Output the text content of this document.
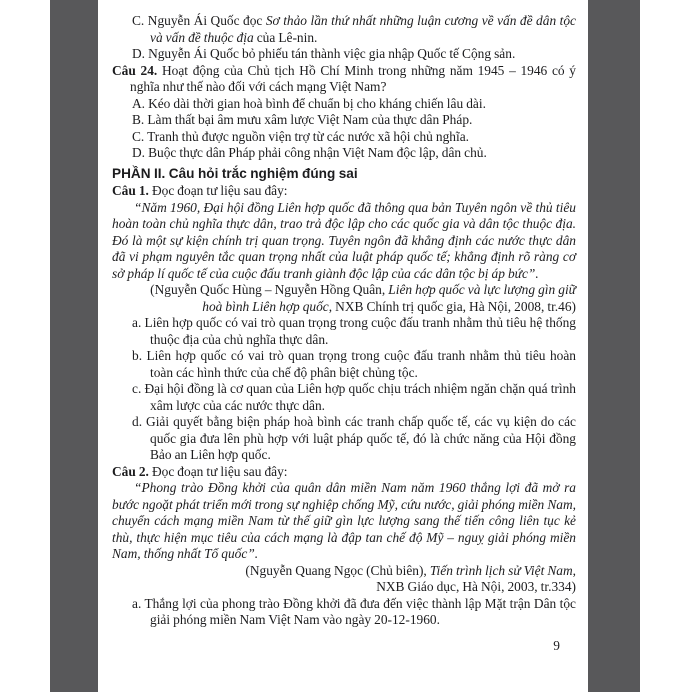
C. Nguyễn Ái Quốc đọc Sơ thảo lần thứ nhất những luận cương về vấn đề dân tộc và vấn đề thuộc địa của Lê-nin.
D. Nguyễn Ái Quốc bỏ phiếu tán thành việc gia nhập Quốc tế Cộng sản.
Câu 24. Hoạt động của Chủ tịch Hồ Chí Minh trong những năm 1945 – 1946 có ý nghĩa như thế nào đối với cách mạng Việt Nam?
A. Kéo dài thời gian hoà bình để chuẩn bị cho kháng chiến lâu dài.
B. Làm thất bại âm mưu xâm lược Việt Nam của thực dân Pháp.
C. Tranh thủ được nguồn viện trợ từ các nước xã hội chủ nghĩa.
D. Buộc thực dân Pháp phải công nhận Việt Nam độc lập, dân chủ.
PHẦN II. Câu hỏi trắc nghiệm đúng sai
Câu 1. Đọc đoạn tư liệu sau đây:
“Năm 1960, Đại hội đồng Liên hợp quốc đã thông qua bản Tuyên ngôn về thủ tiêu hoàn toàn chủ nghĩa thực dân, trao trả độc lập cho các quốc gia và dân tộc thuộc địa. Đó là một sự kiện chính trị quan trọng. Tuyên ngôn đã khẳng định các nước thực dân đã vi phạm nguyên tắc quan trọng nhất của luật pháp quốc tế; khẳng định rõ ràng cơ sở pháp lí quốc tế của cuộc đấu tranh giành độc lập của các dân tộc bị áp bức”.
(Nguyễn Quốc Hùng – Nguyễn Hồng Quân, Liên hợp quốc và lực lượng gìn giữ
hoà bình Liên hợp quốc, NXB Chính trị quốc gia, Hà Nội, 2008, tr.46)
a. Liên hợp quốc có vai trò quan trọng trong cuộc đấu tranh nhằm thủ tiêu hệ thống thuộc địa của chủ nghĩa thực dân.
b. Liên hợp quốc có vai trò quan trọng trong cuộc đấu tranh nhằm thủ tiêu hoàn toàn các hình thức của chế độ phân biệt chủng tộc.
c. Đại hội đồng là cơ quan của Liên hợp quốc chịu trách nhiệm ngăn chặn quá trình xâm lược của các nước thực dân.
d. Giải quyết bằng biện pháp hoà bình các tranh chấp quốc tế, các vụ kiện do các quốc gia đưa lên phù hợp với luật pháp quốc tế, đó là chức năng của Hội đồng Bảo an Liên hợp quốc.
Câu 2. Đọc đoạn tư liệu sau đây:
“Phong trào Đồng khởi của quân dân miền Nam năm 1960 thắng lợi đã mở ra bước ngoặt phát triển mới trong sự nghiệp chống Mỹ, cứu nước, giải phóng miền Nam, chuyển cách mạng miền Nam từ thế giữ gìn lực lượng sang thế tiến công liên tục kẻ thù, thực hiện mục tiêu của cách mạng là đập tan chế độ Mỹ – nguỵ giải phóng miền Nam, thống nhất Tổ quốc”.
(Nguyễn Quang Ngọc (Chủ biên), Tiến trình lịch sử Việt Nam,
NXB Giáo dục, Hà Nội, 2003, tr.334)
a. Thắng lợi của phong trào Đồng khởi đã đưa đến việc thành lập Mặt trận Dân tộc giải phóng miền Nam Việt Nam vào ngày 20-12-1960.
9
